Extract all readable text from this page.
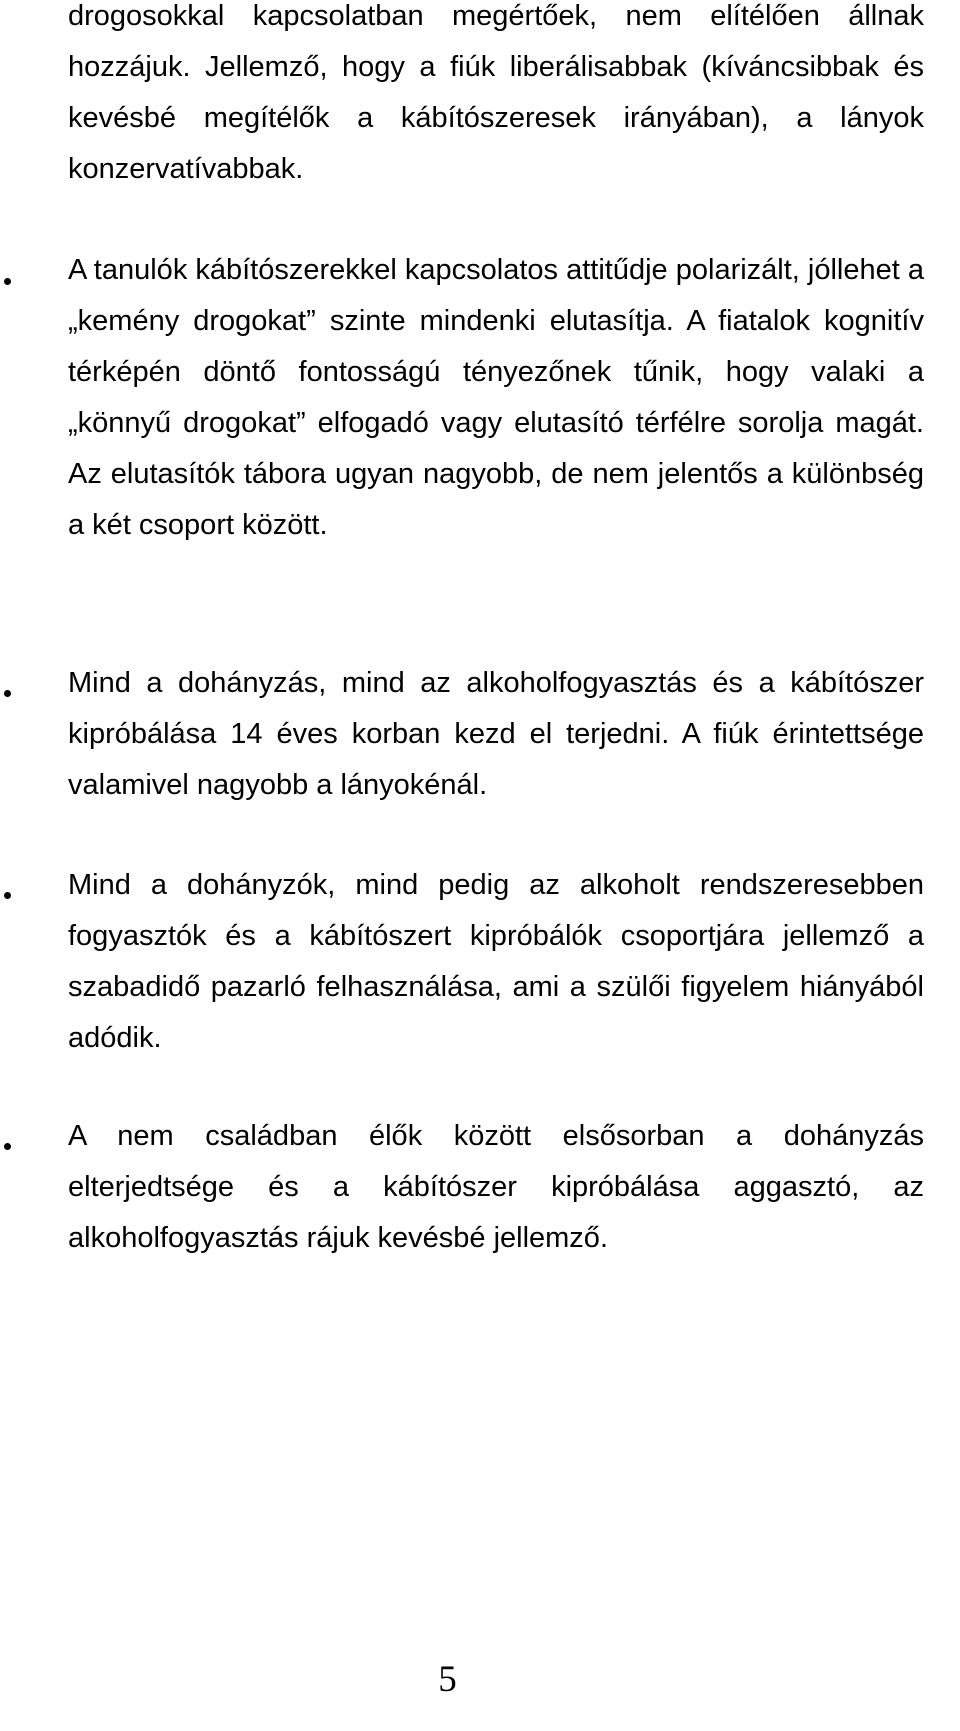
drogosokkal kapcsolatban megértőek, nem elítélően állnak hozzájuk. Jellemző, hogy a fiúk liberálisabbak (kíváncsibbak és kevésbé megítélők a kábítószeresek irányában), a lányok konzervatívabbak.

A tanulók kábítószerekkel kapcsolatos attitűdje polarizált, jóllehet a „kemény drogokat” szinte mindenki elutasítja. A fiatalok kognitív térképén döntő fontosságú tényezőnek tűnik, hogy valaki a „könnyű drogokat” elfogadó vagy elutasító térfélre sorolja magát. Az elutasítók tábora ugyan nagyobb, de nem jelentős a különbség a két csoport között.

Mind a dohányzás, mind az alkoholfogyasztás és a kábítószer kipróbálása 14 éves korban kezd el terjedni. A fiúk érintettsége valamivel nagyobb a lányokénál.

Mind a dohányzók, mind pedig az alkoholt rendszeresebben fogyasztók és a kábítószert kipróbálók csoportjára jellemző a szabadidő pazarló felhasználása, ami a szülői figyelem hiányából adódik.

A nem családban élők között elsősorban a dohányzás elterjedtsége és a kábítószer kipróbálása aggasztó, az alkoholfogyasztás rájuk kevésbé jellemző.

5
